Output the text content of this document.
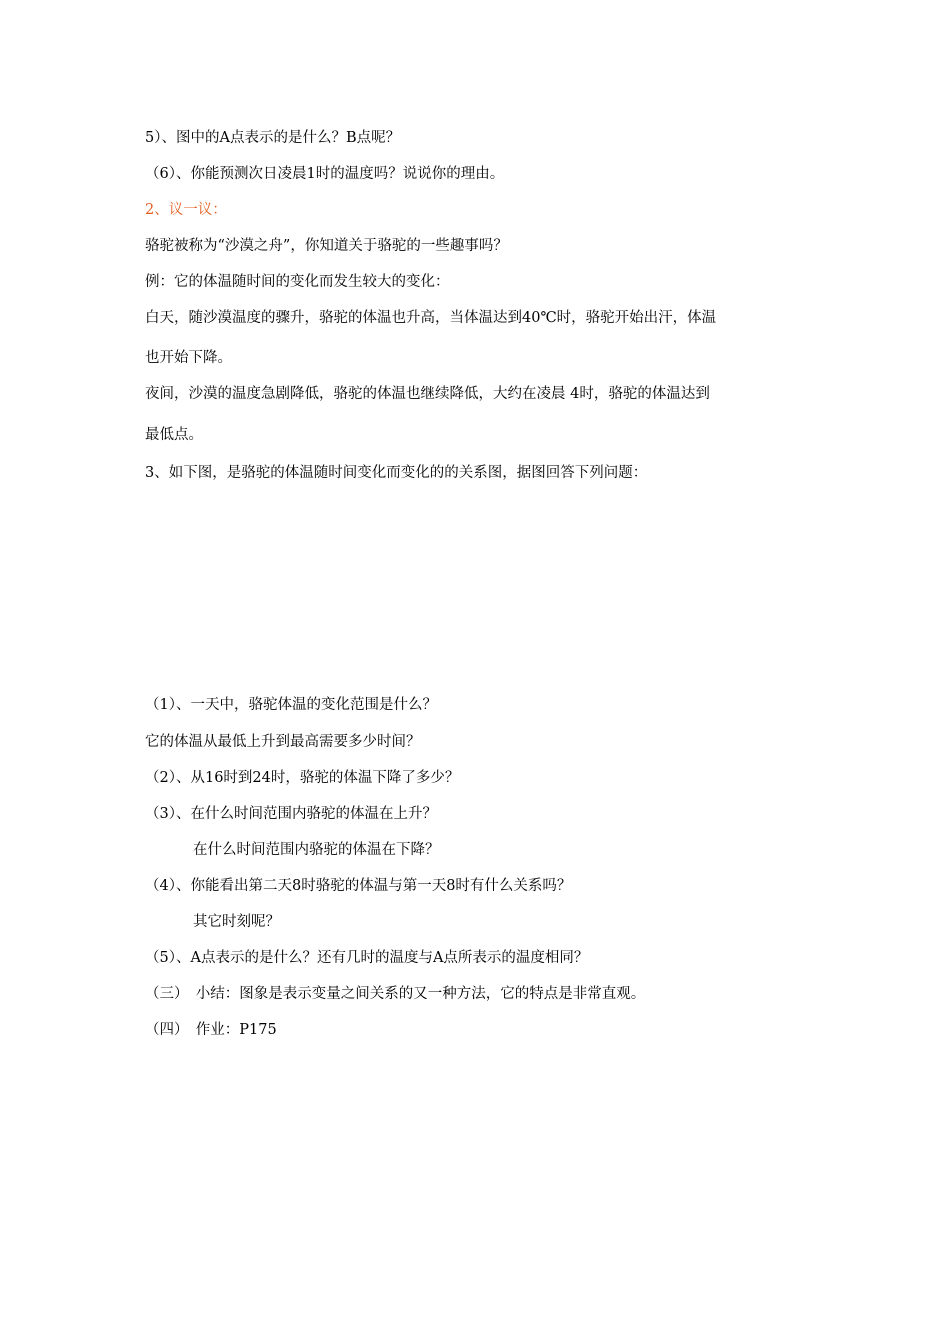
5）、图中的A点表示的是什么？B点呢？

（6）、你能预测次日凌晨1时的温度吗？说说你的理由。

2、议一议：

骆驼被称为“沙漠之舟”，你知道关于骆驼的一些趣事吗？

例：它的体温随时间的变化而发生较大的变化：

白天，随沙漠温度的骤升，骆驼的体温也升高，当体温达到40℃时，骆驼开始出汗，体温

也开始下降。

夜间，沙漠的温度急剧降低，骆驼的体温也继续降低，大约在凌晨 4时，骆驼的体温达到

最低点。

3、如下图，是骆驼的体温随时间变化而变化的的关系图，据图回答下列问题：

（1）、一天中，骆驼体温的变化范围是什么？

它的体温从最低上升到最高需要多少时间？

（2）、从16时到24时，骆驼的体温下降了多少？

（3）、在什么时间范围内骆驼的体温在上升？

在什么时间范围内骆驼的体温在下降？

（4）、你能看出第二天8时骆驼的体温与第一天8时有什么关系吗？

其它时刻呢？

（5）、A点表示的是什么？还有几时的温度与A点所表示的温度相同？

（三）　小结：图象是表示变量之间关系的又一种方法，它的特点是非常直观。

（四）　作业：P175
